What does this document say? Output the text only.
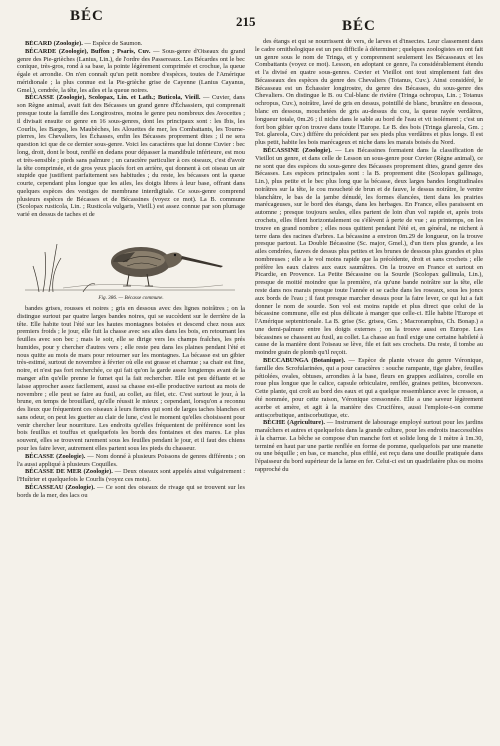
BÉC	215	BÉC

BÉCARD (Zoologie). — Espèce de Saumon.

BÉCARDE (Zoologie), Buffon ; Psaris, Cuv. — Sous-genre d'Oiseaux du grand genre des Pie-grièches (Lanius, Lin.), de l'ordre des Passereaux. Les Bécardes ont le bec conique, très-gros, rond à sa base, la pointe légèrement comprimée et crochue, la queue égale et arrondie. On n'en connaît qu'un petit nombre d'espèces, toutes de l'Amérique méridionale ; la plus connue est la Pie-grièche grise de Cayenne (Lanius Cayanus, Gmel.), cendrée, la tête, les ailes et la queue noires.

BÉCASSE (Zoologie), Scolopax, Lin. et Lath.; Buticola, Vieill. — Cuvier, dans son Règne animal, avait fait des Bécasses un grand genre d'Échassiers, qui comprenait presque toute la famille des Longirostres, moins le genre peu nombreux des Avocettes ; il divisait ensuite ce genre en 16 sous-genres, dont les principaux sont : les Ibis, les Courlis, les Barges, les Maubèches, les Alouettes de mer, les Combattants, les Tourne-pierres, les Chevaliers, les Échasses, enfin les Bécasses proprement dites ; il ne sera question ici que de ce dernier sous-genre. Voici les caractères que lui donne Cuvier : bec long, droit, dont le bout, renflé en dedans pour dépasser la mandibule inférieure, est mou et très-sensible ; pieds sans palmure ; un caractère particulier à ces oiseaux, c'est d'avoir la tête comprimée, et de gros yeux placés fort en arrière, qui donnent à cet oiseau un air stupide que justifient parfaitement ses habitudes ; du reste, les bécasses ont la queue courte, cependant plus longue que les ailes, les doigts libres à leur base, offrant dans quelques espèces des vestiges de membrane interdigitale. Ce sous-genre comprend plusieurs espèces de Bécasses et de Bécassines (voyez ce mot). La B. commune (Scolopax rusticola, Lin. ; Rusticola vulgaris, Vieill.) est assez connue par son plumage varié en dessus de taches et de

Fig. 386. — Bécasse commune.

bandes grises, rousses et noires ; gris en dessous avec des lignes noirâtres ; on la distingue surtout par quatre larges bandes noires, qui se succèdent sur le derrière de la tête. Elle habite tout l'été sur les hautes montagnes boisées et descend chez nous aux premiers froids ; le jour, elle fuit la chasse avec ses ailes dans les bois, en retournant les feuilles avec son bec ; mais le soir, elle se dirige vers les champs fraîches, les prés humides, pour y chercher d'autres vers ; elle reste peu dans les plaines pendant l'été et nous quitte au mois de mars pour retourner sur les montagnes. La bécasse est un gibier très-estimé, surtout de novembre à février où elle est grasse et charnue ; sa chair est fine, noire, et n'est pas fort recherchée, ce qui fait qu'on la garde assez longtemps avant de la manger afin qu'elle prenne le fumet qui la fait rechercher. Elle est peu défiante et se laisse approcher assez facilement, aussi sa chasse est-elle productive surtout au mois de novembre ; elle peut se faire au fusil, au collet, au filet, etc. C'est surtout le jour, à la brune, en temps de brouillard, qu'elle réussit le mieux ; cependant, lorsqu'on a reconnu des lieux que fréquentent ces oiseaux à leurs fientes qui sont de larges taches blanches et sans odeur, on peut les guetter au clair de lune, c'est le moment qu'elles choisissent pour venir chercher leur nourriture. Les endroits qu'elles fréquentent de préférence sont les bois feuillus et touffus et quelquefois les bords des fontaines et des mares. Le plus souvent, elles se trouvent rarement sous les feuilles pendant le jour, et il faut des chiens pour les faire lever, autrement elles partent sous les pieds du chasseur.

BÉCASSE (Zoologie). — Nom donné à plusieurs Poissons de genres différents ; on l'a aussi appliqué à plusieurs Coquilles.

BÉCASSE DE MER (Zoologie). — Deux oiseaux sont appelés ainsi vulgairement : l'Huîtrier et quelquefois le Courlis (voyez ces mots).

BÉCASSEAU (Zoologie). — Ce sont des oiseaux de rivage qui se trouvent sur les bords de la mer, des lacs ou

des étangs et qui se nourrissent de vers, de larves et d'insectes. Leur classement dans le cadre ornithologique est un peu difficile à déterminer ; quelques zoologistes en ont fait un genre sous le nom de Tringa, et y comprennent seulement les Bécasseaux et les Combattants (voyez ce mot). Lesson, en adoptant ce genre, l'a considérablement étendu et l'a divisé en quatre sous-genres. Cuvier et Vieillot ont tout simplement fait des Bécasseaux des espèces du genre des Chevaliers (Totanus, Cuv.). Ainsi considéré, le Bécasseau est un Échassier longirostre, du genre des Bécasses, du sous-genre des Chevaliers. On distingue le B. ou Cul-blanc de rivière (Tringa ochropus, Lin. ; Totanus ochropus, Cuv.), noirâtre, lavé de gris en dessus, pointillé de blanc, brunâtre en dessous, blanc en dessous, mouchetées de gris au-dessus du cou, la queue rayée verdâtres, longueur totale, 0m.26 ; il niche dans le sable au bord de l'eau et vit isolément ; c'est un fort bon gibier qu'on trouve dans toute l'Europe. Le B. des bois (Tringa glareola, Gm. ; Tot. glareola, Cuv.) diffère du précédent par ses pieds plus verdâtres et plus longs. Il est plus petit, habite les bois marécageux et niche dans les marais boisés du Nord.

BÉCASSINE (Zoologie). — Les Bécassines formaient dans la classification de Vieillot un genre, et dans celle de Lesson un sous-genre pour Cuvier (Règne animal), ce ne sont que des espèces du sous-genre des Bécasses proprement dites, grand genre des Bécasses. Les espèces principales sont : la B. proprement dite (Scolopax gallinago, Lin.), plus petite et le bec plus long que la bécasse, deux larges bandes longitudinales noirâtres sur la tête, le cou moucheté de brun et de fauve, le dessus noirâtre, le ventre blanchâtre, le bas de la jambe dénudé, les formes élancées, tient dans les prairies marécageuses, sur le bord des étangs, dans les herbages. En France, elles paraissent en automne ; presque toujours seules, elles partent de loin d'un vol rapide et, après trois crochets, elles filent horizontalement ou s'élèvent à perte de vue ; au printemps, on les trouve en grand nombre ; elles nous quittent pendant l'été et, en général, ne nichent à terre dans des racines d'arbres. La bécassine a environ 0m.29 de longueur, on la trouve presque partout. La Double Bécassine (Sc. major, Gmel.), d'un tiers plus grande, a les ailes cendrées, fauves de dessus plus petites et les brunes de dessous plus grandes et plus nombreuses ; elle a le vol moins rapide que la précédente, droit et sans crochets ; elle préfère les eaux claires aux eaux saumâtres. On la trouve en France et surtout en Picardie, en Provence. La Petite Bécassine ou la Sourde (Scolopax gallinula, Lin.), presque de moitié moindre que la première, n'a qu'une bande noirâtre sur la tête, elle reste dans nos marais presque toute l'année et se cache dans les roseaux, sous les joncs aux bords de l'eau ; il faut presque marcher dessus pour la faire lever, ce qui lui a fait donner le nom de sourde. Son vol est moins rapide et plus direct que celui de la bécassine commune, elle est plus délicate à manger que celle-ci. Elle habite l'Europe et l'Amérique septentrionale. La B. grise (Sc. grisea, Gm. ; Macroramphus, Ch. Bonap.) a une demi-palmure entre les doigts externes ; on la trouve aussi en Europe. Les bécassines se chassent au fusil, au collet. La chasse au fusil exige une certaine habileté à cause de la manière dont l'oiseau se lève, file et fait ses crochets. Du reste, il tombe au moindre grain de plomb qu'il reçoit.

BECCABUNGA (Botanique). — Espèce de plante vivace du genre Véronique, famille des Scrofularinées, qui a pour caractères : souche rampante, tige glabre, feuilles pétiolées, ovales, obtuses, arrondies à la base, fleurs en grappes axillaires, corolle en roue plus longue que le calice, capsule orbiculaire, renflée, graines petites, biconvexes. Cette plante, qui croît au bord des eaux et qui a quelque ressemblance avec le cresson, a été nommée, pour cette raison, Véronique cressonnée. Elle a une saveur légèrement acerbe et amère, et agit à la manière des Crucifères, aussi l'emploie-t-on comme antiscorbutique, antiscorbutique, etc.

BÈCHE (Agriculture). — Instrument de labourage employé surtout pour les jardins maraîchers et autres et quelquefois dans la grande culture, pour les endroits inaccessibles à la charrue. La bêche se compose d'un manche fort et solide long de 1 mètre à 1m.30, terminé en haut par une partie renflée en forme de pomme, quelquefois par une manette ou une béquille ; en bas, ce manche, plus effilé, est reçu dans une douille pratiquée dans l'épaisseur du bord supérieur de la lame en fer. Celui-ci est un quadrilatère plus ou moins rapproché du
